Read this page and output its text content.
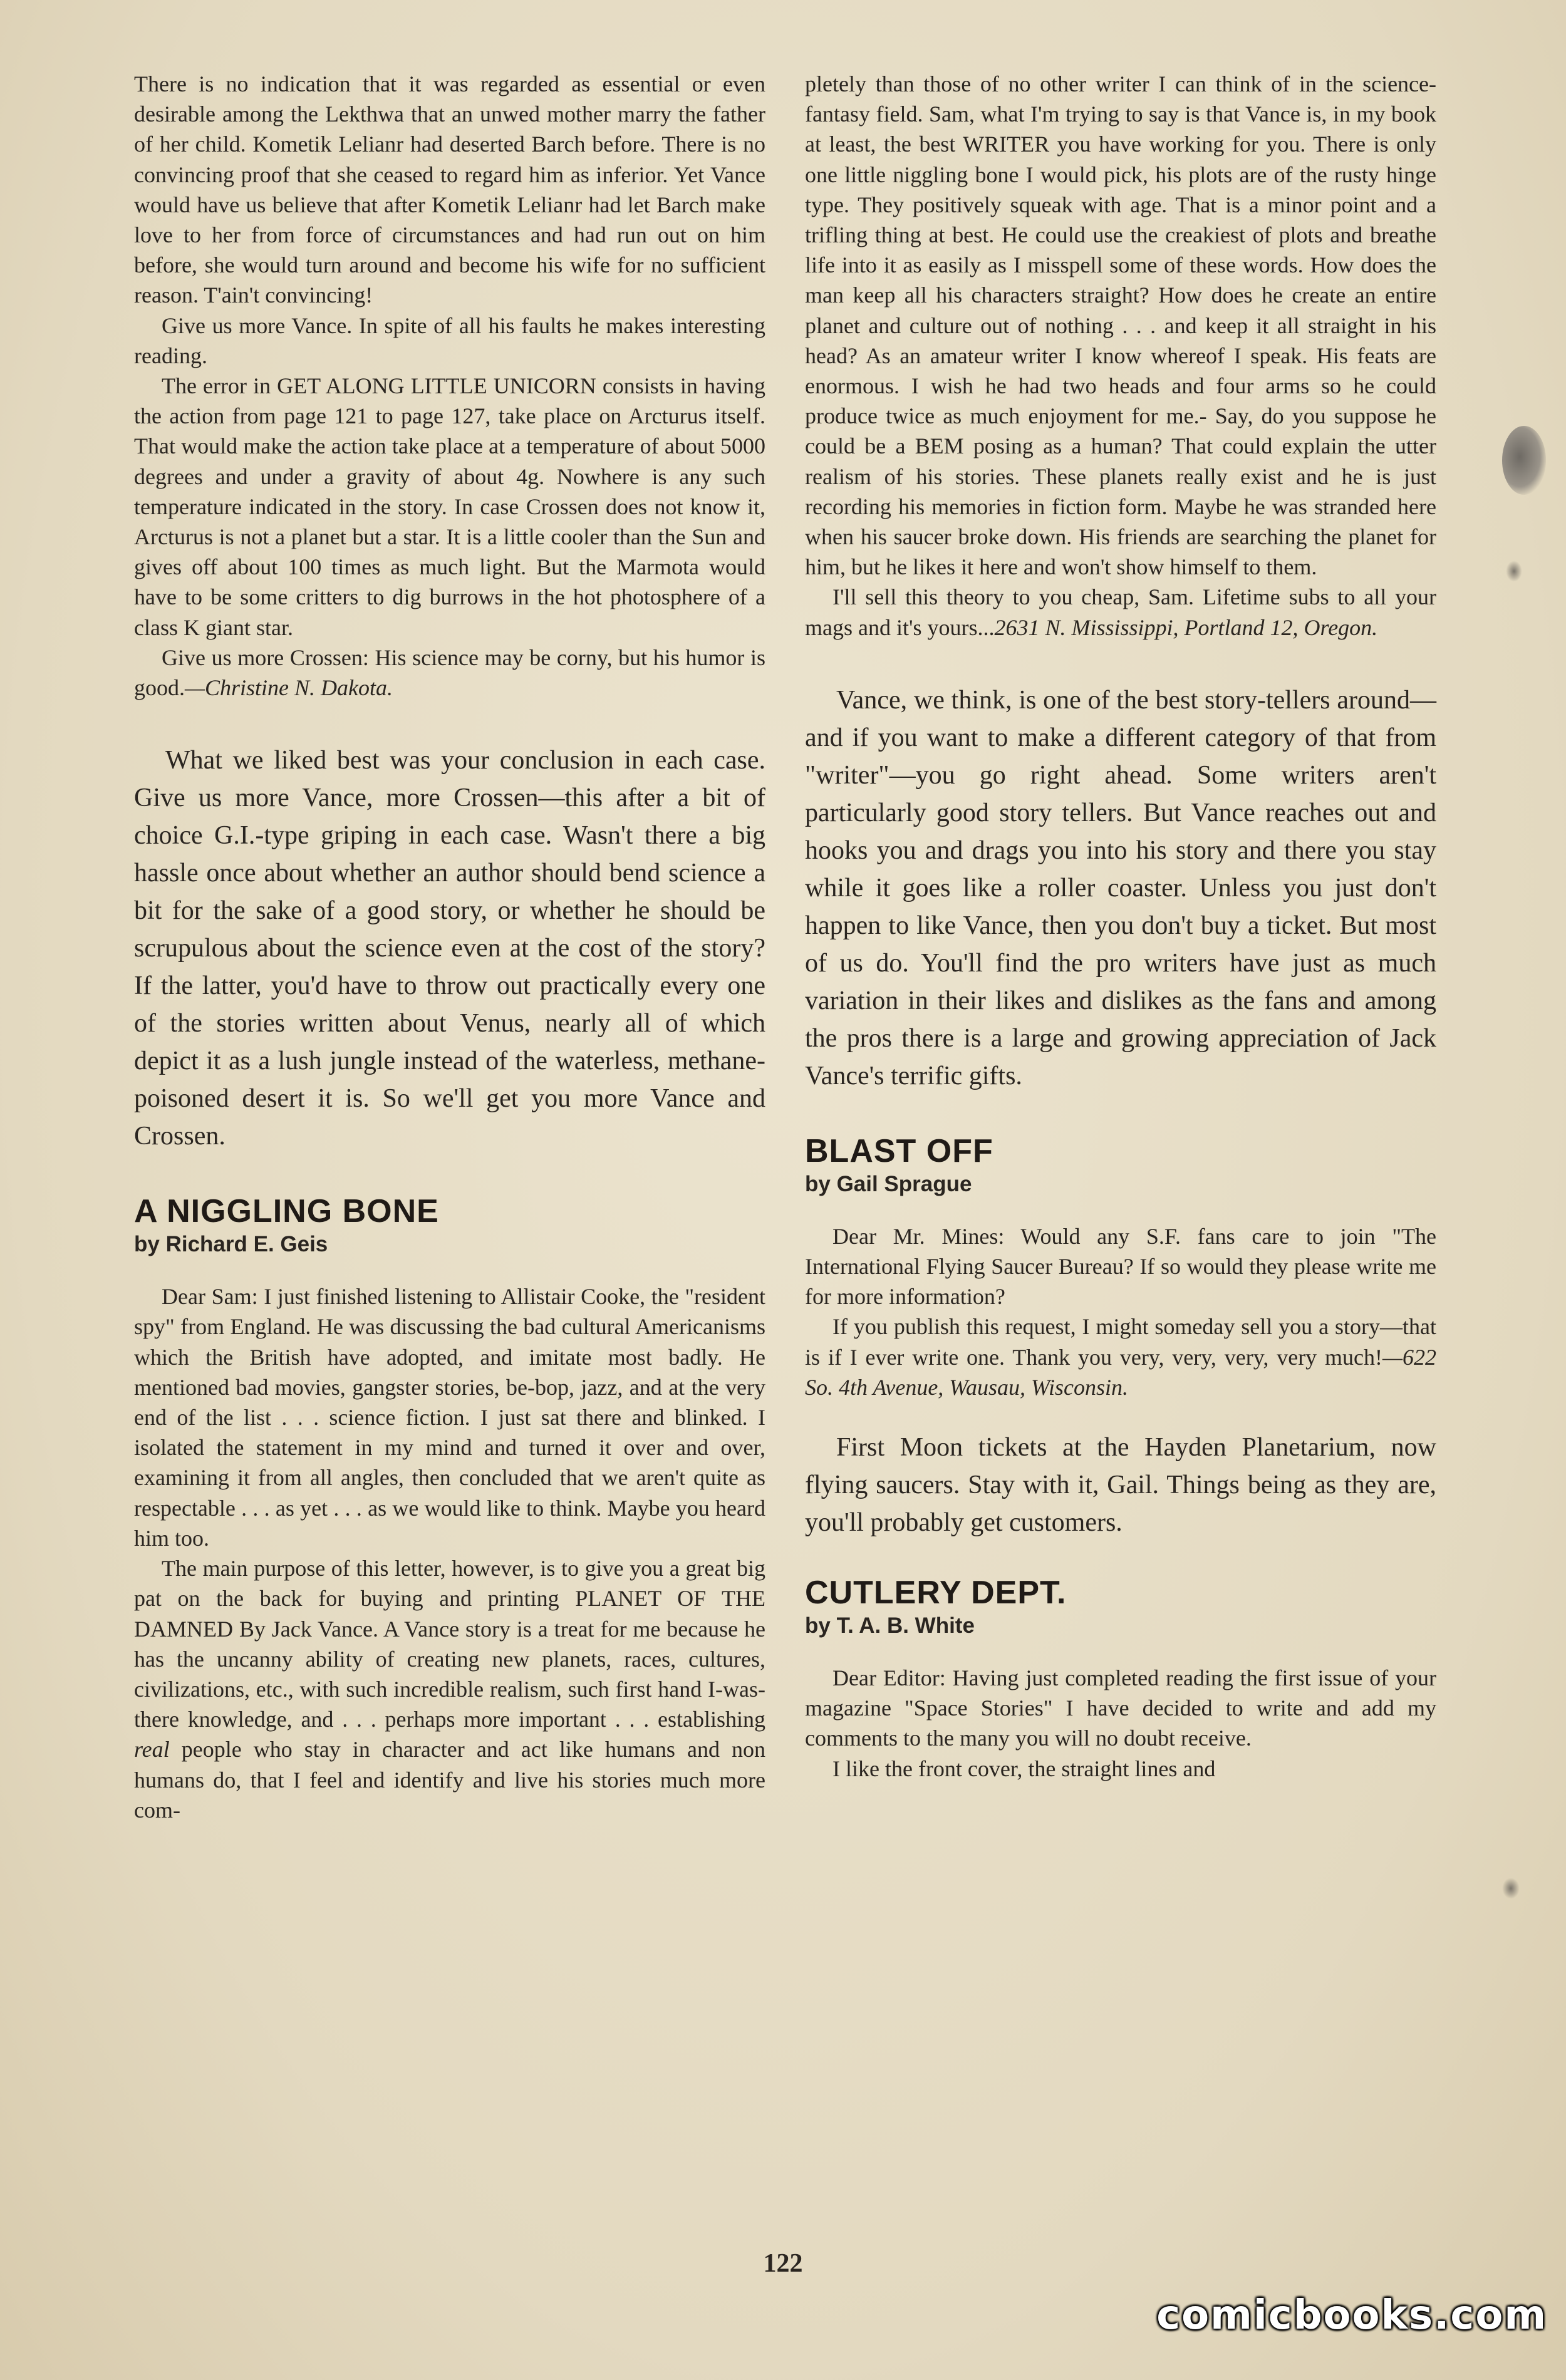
There is no indication that it was regarded as essential or even desirable among the Lekthwa that an unwed mother marry the father of her child. Kometik Lelianr had deserted Barch before. There is no convincing proof that she ceased to regard him as inferior. Yet Vance would have us believe that after Kometik Lelianr had let Barch make love to her from force of circumstances and had run out on him before, she would turn around and become his wife for no sufficient reason. T'ain't convincing!

Give us more Vance. In spite of all his faults he makes interesting reading.

The error in GET ALONG LITTLE UNICORN consists in having the action from page 121 to page 127, take place on Arcturus itself. That would make the action take place at a temperature of about 5000 degrees and under a gravity of about 4g. Nowhere is any such temperature indicated in the story. In case Crossen does not know it, Arcturus is not a planet but a star. It is a little cooler than the Sun and gives off about 100 times as much light. But the Marmota would have to be some critters to dig burrows in the hot photosphere of a class K giant star.

Give us more Crossen: His science may be corny, but his humor is good.—Christine N. Dakota.

What we liked best was your conclusion in each case. Give us more Vance, more Crossen—this after a bit of choice G.I.-type griping in each case. Wasn't there a big hassle once about whether an author should bend science a bit for the sake of a good story, or whether he should be scrupulous about the science even at the cost of the story? If the latter, you'd have to throw out practically every one of the stories written about Venus, nearly all of which depict it as a lush jungle instead of the waterless, methane-poisoned desert it is. So we'll get you more Vance and Crossen.

A NIGGLING BONE
by Richard E. Geis

Dear Sam: I just finished listening to Allistair Cooke, the "resident spy" from England. He was discussing the bad cultural Americanisms which the British have adopted, and imitate most badly. He mentioned bad movies, gangster stories, be-bop, jazz, and at the very end of the list . . . science fiction. I just sat there and blinked. I isolated the statement in my mind and turned it over and over, examining it from all angles, then concluded that we aren't quite as respectable . . . as yet . . . as we would like to think. Maybe you heard him too.

The main purpose of this letter, however, is to give you a great big pat on the back for buying and printing PLANET OF THE DAMNED By Jack Vance. A Vance story is a treat for me because he has the uncanny ability of creating new planets, races, cultures, civilizations, etc., with such incredible realism, such first hand I-was-there knowledge, and . . . perhaps more important . . . establishing real people who stay in character and act like humans and non humans do, that I feel and identify and live his stories much more com-

pletely than those of no other writer I can think of in the science-fantasy field. Sam, what I'm trying to say is that Vance is, in my book at least, the best WRITER you have working for you. There is only one little niggling bone I would pick, his plots are of the rusty hinge type. They positively squeak with age. That is a minor point and a trifling thing at best. He could use the creakiest of plots and breathe life into it as easily as I misspell some of these words. How does the man keep all his characters straight? How does he create an entire planet and culture out of nothing . . . and keep it all straight in his head? As an amateur writer I know whereof I speak. His feats are enormous. I wish he had two heads and four arms so he could produce twice as much enjoyment for me.- Say, do you suppose he could be a BEM posing as a human? That could explain the utter realism of his stories. These planets really exist and he is just recording his memories in fiction form. Maybe he was stranded here when his saucer broke down. His friends are searching the planet for him, but he likes it here and won't show himself to them.

I'll sell this theory to you cheap, Sam. Lifetime subs to all your mags and it's yours...2631 N. Mississippi, Portland 12, Oregon.

Vance, we think, is one of the best story-tellers around—and if you want to make a different category of that from "writer"—you go right ahead. Some writers aren't particularly good story tellers. But Vance reaches out and hooks you and drags you into his story and there you stay while it goes like a roller coaster. Unless you just don't happen to like Vance, then you don't buy a ticket. But most of us do. You'll find the pro writers have just as much variation in their likes and dislikes as the fans and among the pros there is a large and growing appreciation of Jack Vance's terrific gifts.

BLAST OFF
by Gail Sprague

Dear Mr. Mines: Would any S.F. fans care to join "The International Flying Saucer Bureau? If so would they please write me for more information?

If you publish this request, I might someday sell you a story—that is if I ever write one. Thank you very, very, very, very much!—622 So. 4th Avenue, Wausau, Wisconsin.

First Moon tickets at the Hayden Planetarium, now flying saucers. Stay with it, Gail. Things being as they are, you'll probably get customers.

CUTLERY DEPT.
by T. A. B. White

Dear Editor: Having just completed reading the first issue of your magazine "Space Stories" I have decided to write and add my comments to the many you will no doubt receive.

I like the front cover, the straight lines and

122
comicbooks.com
